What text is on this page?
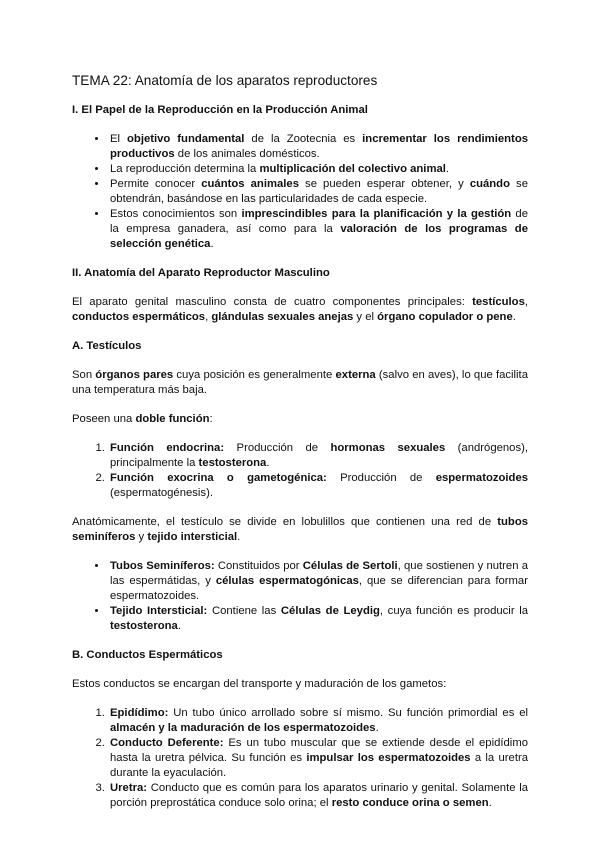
TEMA 22: Anatomía de los aparatos reproductores

I. El Papel de la Reproducción en la Producción Animal

• El objetivo fundamental de la Zootecnia es incrementar los rendimientos productivos de los animales domésticos.
• La reproducción determina la multiplicación del colectivo animal.
• Permite conocer cuántos animales se pueden esperar obtener, y cuándo se obtendrán, basándose en las particularidades de cada especie.
• Estos conocimientos son imprescindibles para la planificación y la gestión de la empresa ganadera, así como para la valoración de los programas de selección genética.

II. Anatomía del Aparato Reproductor Masculino

El aparato genital masculino consta de cuatro componentes principales: testículos, conductos espermáticos, glándulas sexuales anejas y el órgano copulador o pene.

A. Testículos

Son órganos pares cuya posición es generalmente externa (salvo en aves), lo que facilita una temperatura más baja.

Poseen una doble función:

1. Función endocrina: Producción de hormonas sexuales (andrógenos), principalmente la testosterona.
2. Función exocrina o gametogénica: Producción de espermatozoides (espermatogénesis).

Anatómicamente, el testículo se divide en lobulillos que contienen una red de tubos seminíferos y tejido intersticial.

• Tubos Seminíferos: Constituidos por Células de Sertoli, que sostienen y nutren a las espermátidas, y células espermatogónicas, que se diferencian para formar espermatozoides.
• Tejido Intersticial: Contiene las Células de Leydig, cuya función es producir la testosterona.

B. Conductos Espermáticos

Estos conductos se encargan del transporte y maduración de los gametos:

1. Epidídimo: Un tubo único arrollado sobre sí mismo. Su función primordial es el almacén y la maduración de los espermatozoides.
2. Conducto Deferente: Es un tubo muscular que se extiende desde el epidídimo hasta la uretra pélvica. Su función es impulsar los espermatozoides a la uretra durante la eyaculación.
3. Uretra: Conducto que es común para los aparatos urinario y genital. Solamente la porción preprostática conduce solo orina; el resto conduce orina o semen.
